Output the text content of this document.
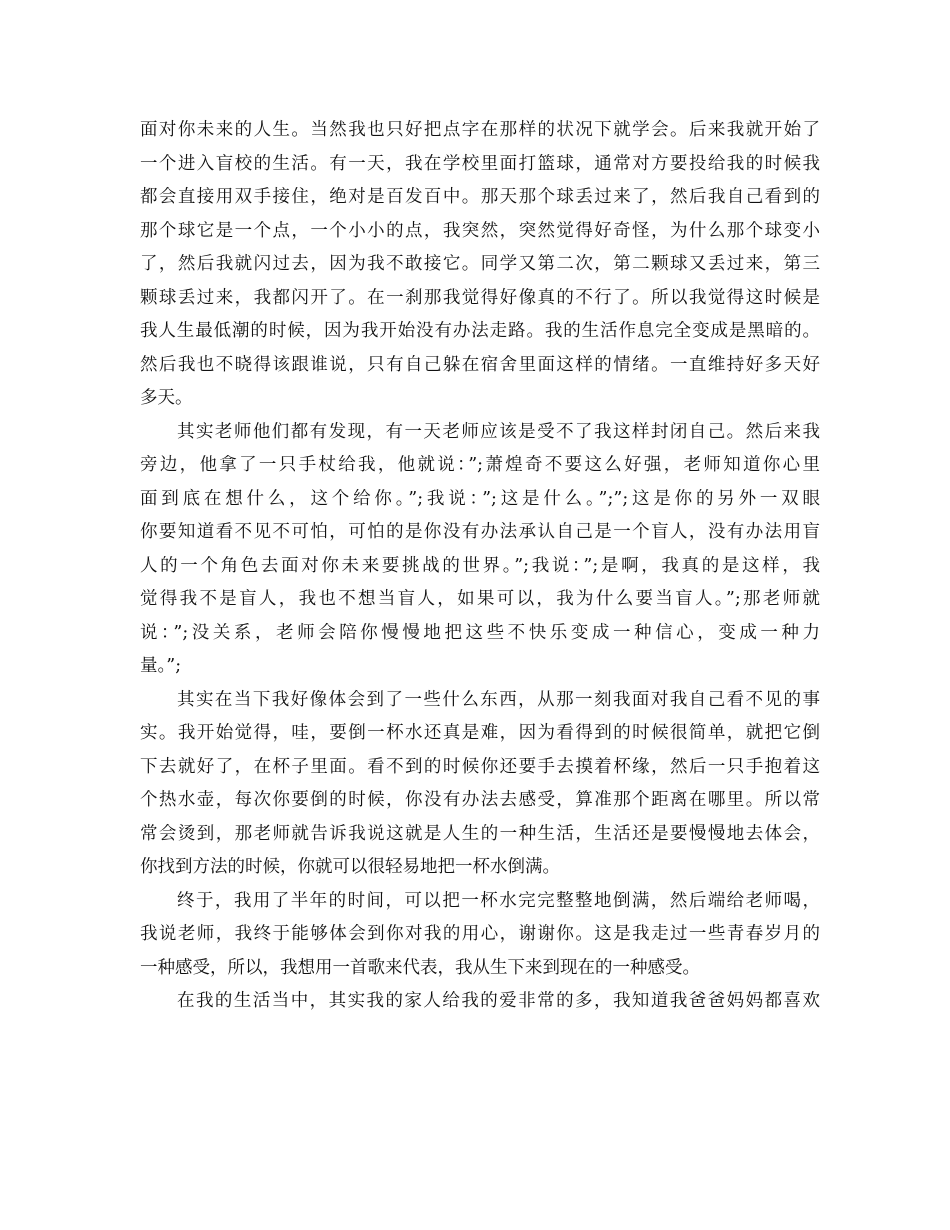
面对你未来的人生。当然我也只好把点字在那样的状况下就学会。后来我就开始了
一个进入盲校的生活。有一天，我在学校里面打篮球，通常对方要投给我的时候我
都会直接用双手接住，绝对是百发百中。那天那个球丢过来了，然后我自己看到的
那个球它是一个点，一个小小的点，我突然，突然觉得好奇怪，为什么那个球变小
了，然后我就闪过去，因为我不敢接它。同学又第二次，第二颗球又丢过来，第三
颗球丢过来，我都闪开了。在一刹那我觉得好像真的不行了。所以我觉得这时候是
我人生最低潮的时候，因为我开始没有办法走路。我的生活作息完全变成是黑暗的。
然后我也不晓得该跟谁说，只有自己躲在宿舍里面这样的情绪。一直维持好多天好
多天。
其实老师他们都有发现，有一天老师应该是受不了我这样封闭自己。然后来我
旁边，他拿了一只手杖给我，他就说：”;萧煌奇不要这么好强，老师知道你心里
面到底在想什么，这个给你。”;我说：”;这是什么。”;”;这是你的另外一双眼
你要知道看不见不可怕，可怕的是你没有办法承认自己是一个盲人，没有办法用盲
人的一个角色去面对你未来要挑战的世界。”;我说：”;是啊，我真的是这样，我
觉得我不是盲人，我也不想当盲人，如果可以，我为什么要当盲人。”;那老师就
说：”;没关系，老师会陪你慢慢地把这些不快乐变成一种信心，变成一种力
量。”;
其实在当下我好像体会到了一些什么东西，从那一刻我面对我自己看不见的事
实。我开始觉得，哇，要倒一杯水还真是难，因为看得到的时候很简单，就把它倒
下去就好了，在杯子里面。看不到的时候你还要手去摸着杯缘，然后一只手抱着这
个热水壶，每次你要倒的时候，你没有办法去感受，算准那个距离在哪里。所以常
常会烫到，那老师就告诉我说这就是人生的一种生活，生活还是要慢慢地去体会，
你找到方法的时候，你就可以很轻易地把一杯水倒满。
终于，我用了半年的时间，可以把一杯水完完整整地倒满，然后端给老师喝，
我说老师，我终于能够体会到你对我的用心，谢谢你。这是我走过一些青春岁月的
一种感受，所以，我想用一首歌来代表，我从生下来到现在的一种感受。
在我的生活当中，其实我的家人给我的爱非常的多，我知道我爸爸妈妈都喜欢
